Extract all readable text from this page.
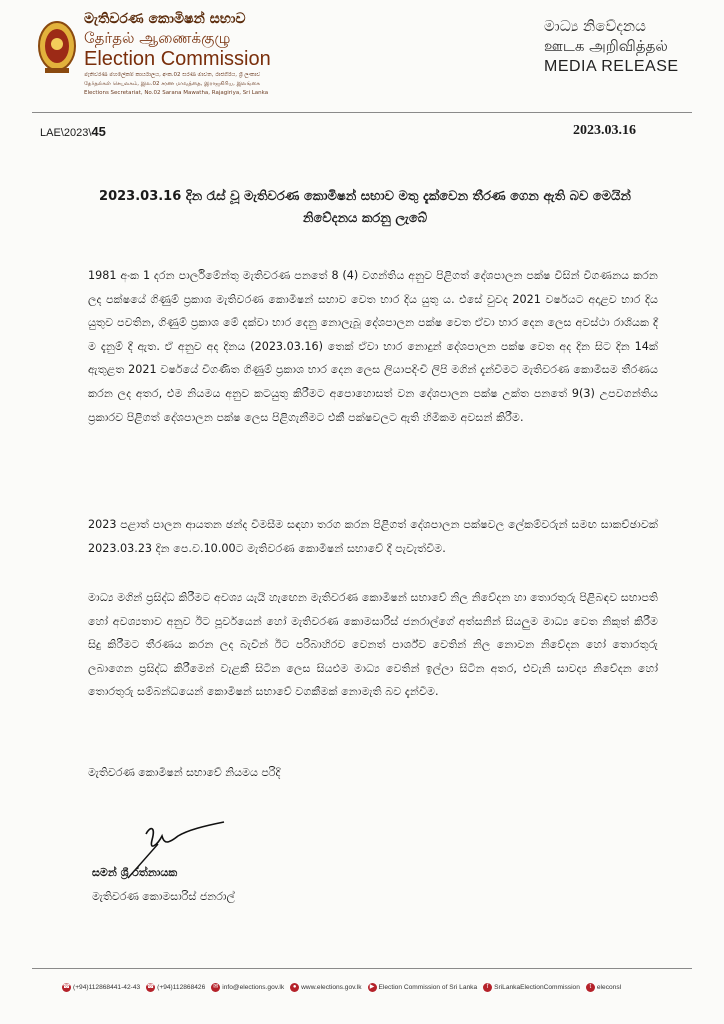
මැතිවරණ කොමිෂන් සභාව
தேர்தல் ஆணைக்குழு
Election Commission
මැතිවරණ මහලේකම් කාර්යාලය, අංක.02 සරණ මාවත, රාජගිරිය, ශ්‍රී ලංකාව
தேர்தல்கள் செயலகம், இல.02 சரண மாவத்தை, இராஜகிரிய, இலங்கை
Elections Secretariat, No.02 Sarana Mawatha, Rajagiriya, Sri Lanka
මාධ්‍ය නිවේදනය
ஊடக அறிவித்தல்
MEDIA RELEASE
LAE\2023\45	2023.03.16
2023.03.16 දින රැස් වූ මැතිවරණ කොමිෂන් සභාව මතු දැක්වෙන තීරණ ගෙන ඇති බව මෙයින් නිවේදනය කරනු ලැබේ
1981 අංක 1 දරන පාර්ලිමේන්තු මැතිවරණ පනතේ 8 (4) වගන්තිය අනුව පිළිගත් දේශපාලන පක්ෂ විසින් විගණනය කරන ලද පක්ෂයේ ගිණුම් ප්‍රකාශ මැතිවරණ කොමිෂන් සභාව වෙත භාර දිය යුතු ය. එසේ වුවද 2021 වර්ෂයට අදාළව භාර දිය යුතුව පවතින, ගිණුම් ප්‍රකාශ මේ දක්වා භාර දෙනු නොලැබූ දේශපාලන පක්ෂ වෙත ඒවා භාර දෙන ලෙස අවස්ථා රාශියක දී ම දැනුම් දී ඇත. ඒ අනුව අද දිනය (2023.03.16) තෙක් ඒවා භාර නොදුන් දේශපාලන පක්ෂ වෙත අද දින සිට දින 14ක් ඇතුළත 2021 වර්ෂයේ විගණිත ගිණුම් ප්‍රකාශ භාර දෙන ලෙස ලියාපදිංචි ලිපි මගින් දැන්වීමට මැතිවරණ කොමිසම තීරණය කරන ලද අතර, එම නියමය අනුව කටයුතු කිරීමට අපොහොසත් වන දේශපාලන පක්ෂ උක්ත පනතේ 9(3) උපවගන්තිය ප්‍රකාරව පිළිගත් දේශපාලන පක්ෂ ලෙස පිළිගැනීමට එකී පක්ෂවලට ඇති හිමිකම අවසන් කිරීම.
2023 පළාත් පාලන ආයතන ඡන්ද විමසීම සඳහා තරග කරන පිළිගත් දේශපාලන පක්ෂවල ලේකම්වරුන් සමඟ සාකච්ඡාවක් 2023.03.23 දින පෙ.ව.10.00ට මැතිවරණ කොමිෂන් සභාවේ දී පැවැත්වීම.
මාධ්‍ය මගින් ප්‍රසිද්ධ කිරීමට අවශ්‍ය යැයි හැඟෙන මැතිවරණ කොමිෂන් සභාවේ නිල නිවේදන හා තොරතුරු පිළිබඳව සභාපති හෝ අවශ්‍යතාව අනුව ඊට පූර්වයෙන් හෝ මැතිවරණ කොමසාරිස් ජනරාල්ගේ අත්සනින් සියලුම මාධ්‍ය වෙත නිකුත් කිරීම සිදු කිරීමට තීරණය කරන ලද බැවින් ඊට පරිබාහිරව වෙනත් පාර්ශ්ව වෙතින් නිල නොවන නිවේදන හෝ තොරතුරු ලබාගෙන ප්‍රසිද්ධ කිරීමෙන් වැළකී සිටින ලෙස සියළුම මාධ්‍ය වෙතින් ඉල්ලා සිටින අතර, එවැනි සාවද්‍ය නිවේදන හෝ තොරතුරු සම්බන්ධයෙන් කොමිෂන් සභාවේ වගකීමක් නොමැති බව දැන්වීම.
මැතිවරණ කොමිෂන් සභාවේ නියමය පරිදි
සමන් ශ්‍රී රත්නායක
මැතිවරණ කොමසාරිස් ජනරාල්
☎ (+94)112868441-42-43 ☎ (+94)112868426	✉ info@elections.gov.lk	● www.elections.gov.lk	▶ Election Commission of Sri Lanka	f SriLankaElectionCommission	t eleconsl
